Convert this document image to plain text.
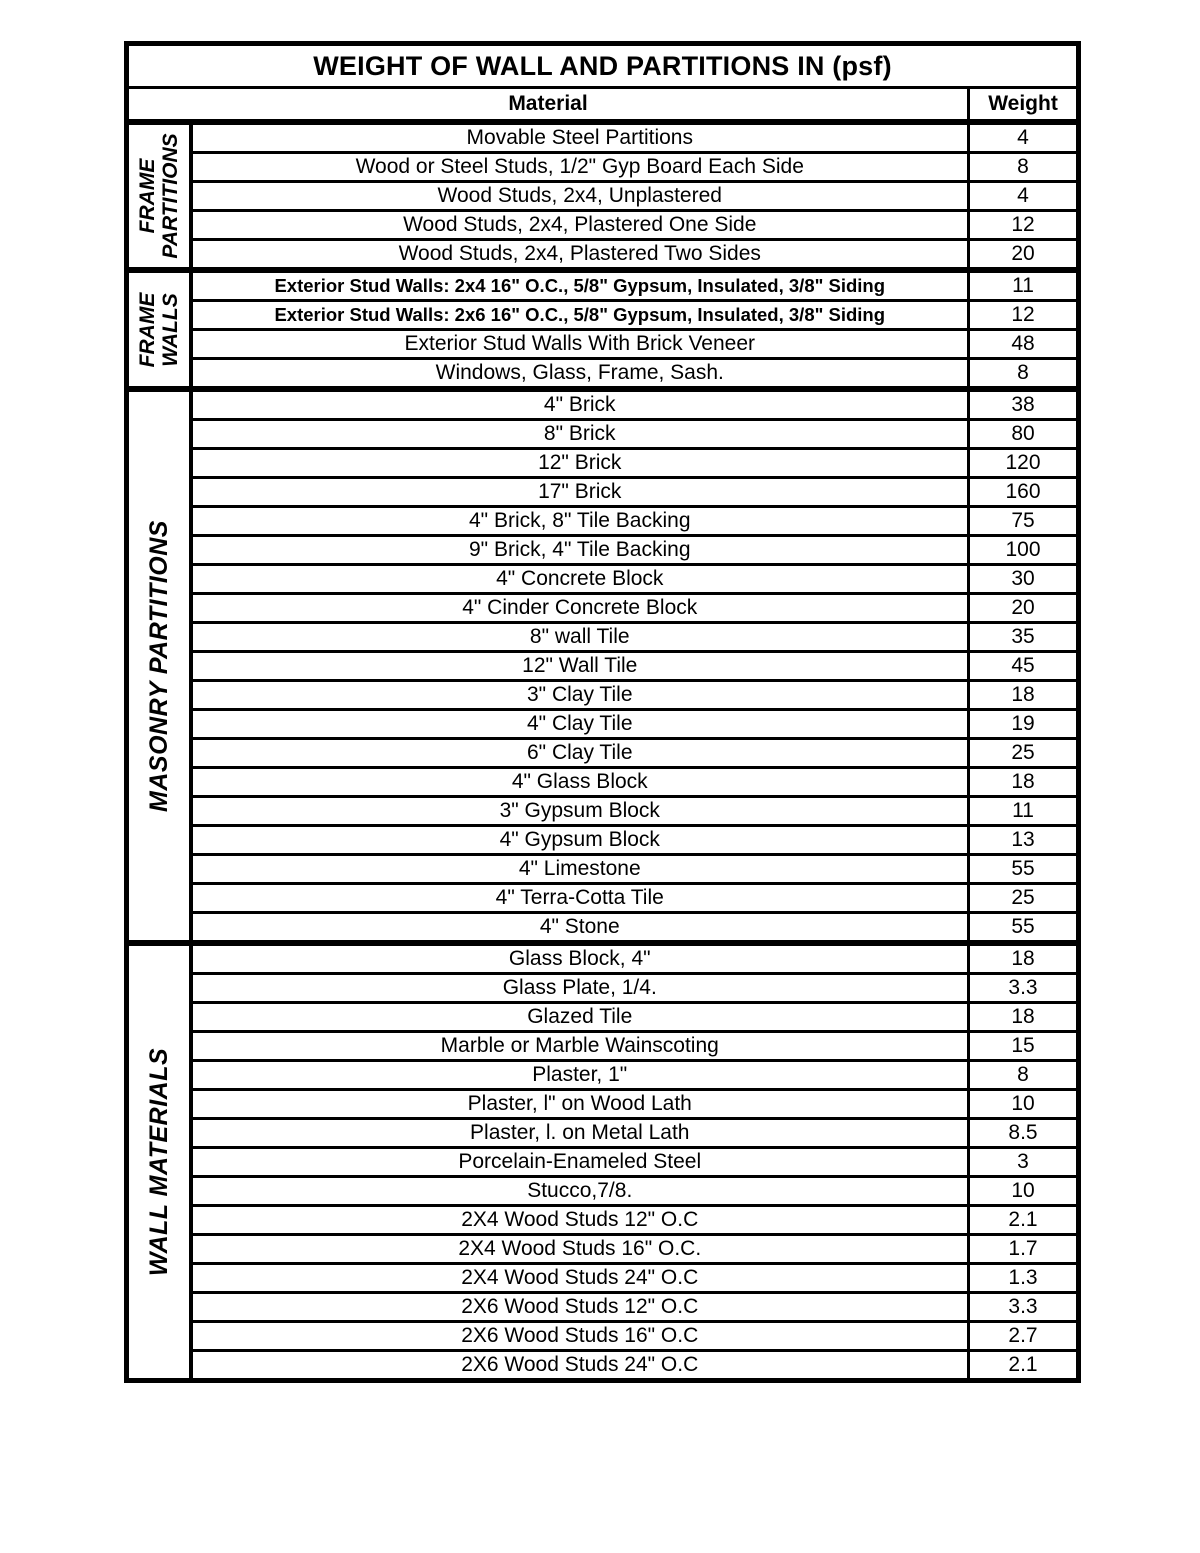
WEIGHT OF WALL AND PARTITIONS IN (psf)		
Material		Weight

FRAME PARTITIONS	Movable Steel Partitions	4
	Wood or Steel Studs, 1/2" Gyp Board Each Side	8
	Wood Studs, 2x4, Unplastered	4
	Wood Studs, 2x4, Plastered One Side	12
	Wood Studs, 2x4, Plastered Two Sides	20

FRAME WALLS	Exterior Stud Walls: 2x4 16" O.C., 5/8" Gypsum, Insulated, 3/8" Siding	11
	Exterior Stud Walls: 2x6 16" O.C., 5/8" Gypsum, Insulated, 3/8" Siding	12
	Exterior Stud Walls With Brick Veneer	48
	Windows, Glass, Frame, Sash.	8

MASONRY PARTITIONS	4" Brick	38
	8" Brick	80
	12" Brick	120
	17" Brick	160
	4" Brick, 8" Tile Backing	75
	9" Brick, 4" Tile Backing	100
	4" Concrete Block	30
	4" Cinder Concrete Block	20
	8" wall Tile	35
	12" Wall Tile	45
	3" Clay Tile	18
	4" Clay Tile	19
	6" Clay Tile	25
	4" Glass Block	18
	3" Gypsum Block	11
	4" Gypsum Block	13
	4" Limestone	55
	4" Terra-Cotta Tile	25
	4" Stone	55

WALL MATERIALS	Glass Block, 4"	18
	Glass Plate, 1/4.	3.3
	Glazed Tile	18
	Marble or Marble Wainscoting	15
	Plaster, 1"	8
	Plaster, l" on Wood Lath	10
	Plaster, l. on Metal Lath	8.5
	Porcelain-Enameled Steel	3
	Stucco,7/8.	10
	2X4 Wood Studs 12" O.C	2.1
	2X4 Wood Studs 16" O.C.	1.7
	2X4 Wood Studs 24" O.C	1.3
	2X6 Wood Studs 12" O.C	3.3
	2X6 Wood Studs 16" O.C	2.7
	2X6 Wood Studs 24" O.C	2.1
